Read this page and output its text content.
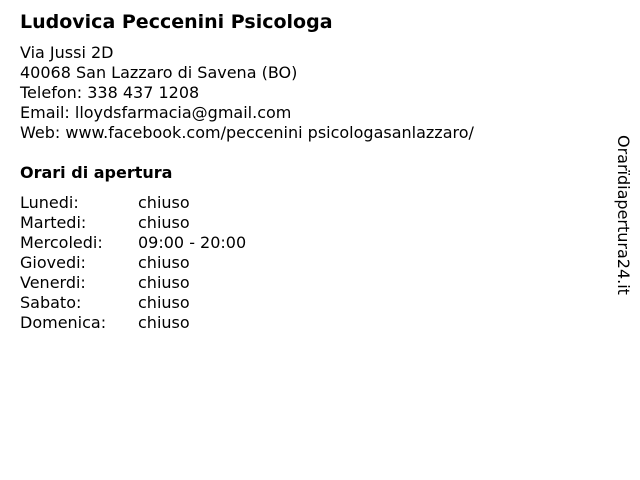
Ludovica Peccenini Psicologa
Via Jussi 2D
40068 San Lazzaro di Savena (BO)
Telefon: 338 437 1208
Email: lloydsfarmacia@gmail.com
Web: www.facebook.com/peccenini psicologasanlazzaro/
Orari di apertura
Lunedi:	chiuso
Martedi:	chiuso
Mercoledi:	09:00 - 20:00
Giovedi:	chiuso
Venerdi:	chiuso
Sabato:	chiuso
Domenica:	chiuso
Orarïdiapertura24.it
